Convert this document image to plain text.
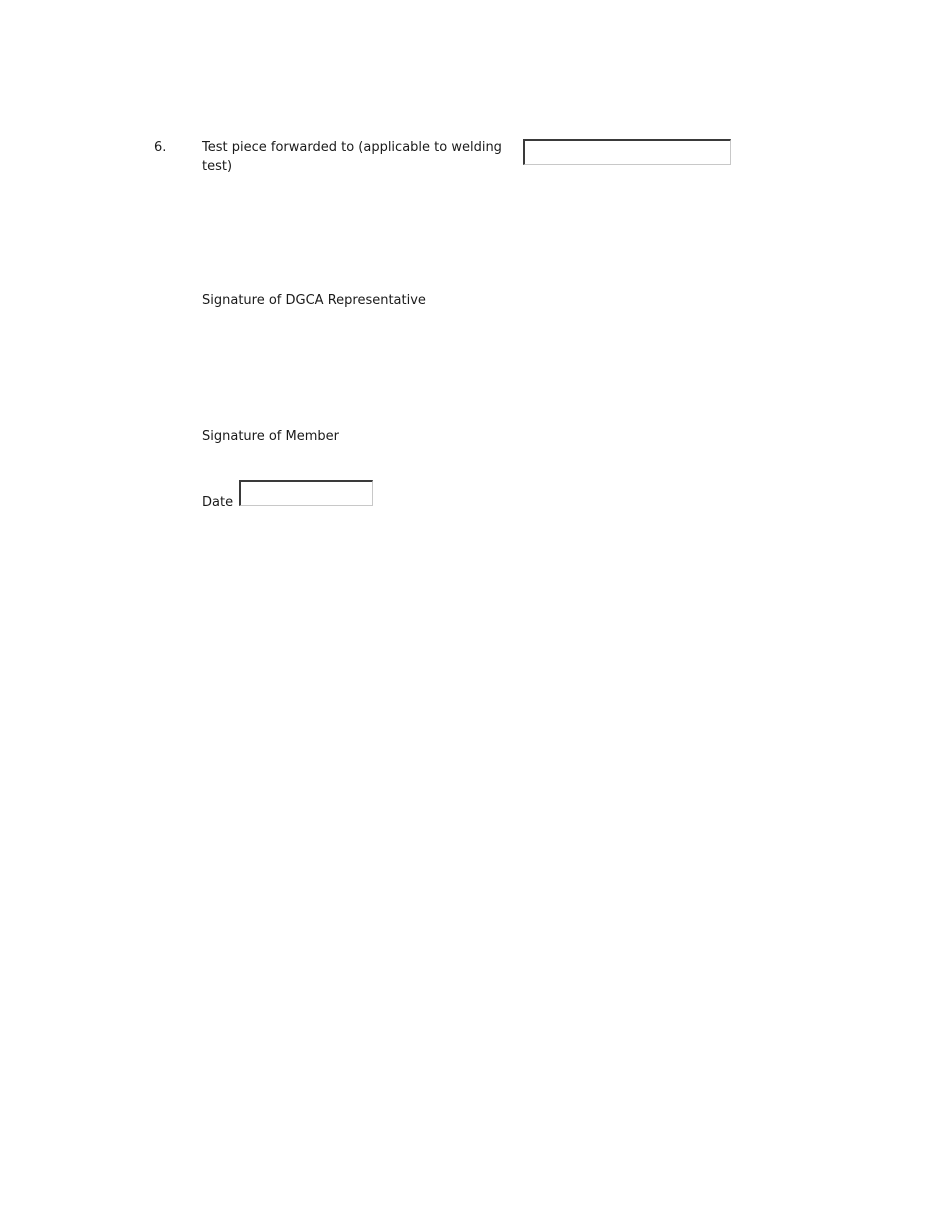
6.	Test piece forwarded to (applicable to welding test)
Signature of DGCA Representative
Signature of Member
Date
